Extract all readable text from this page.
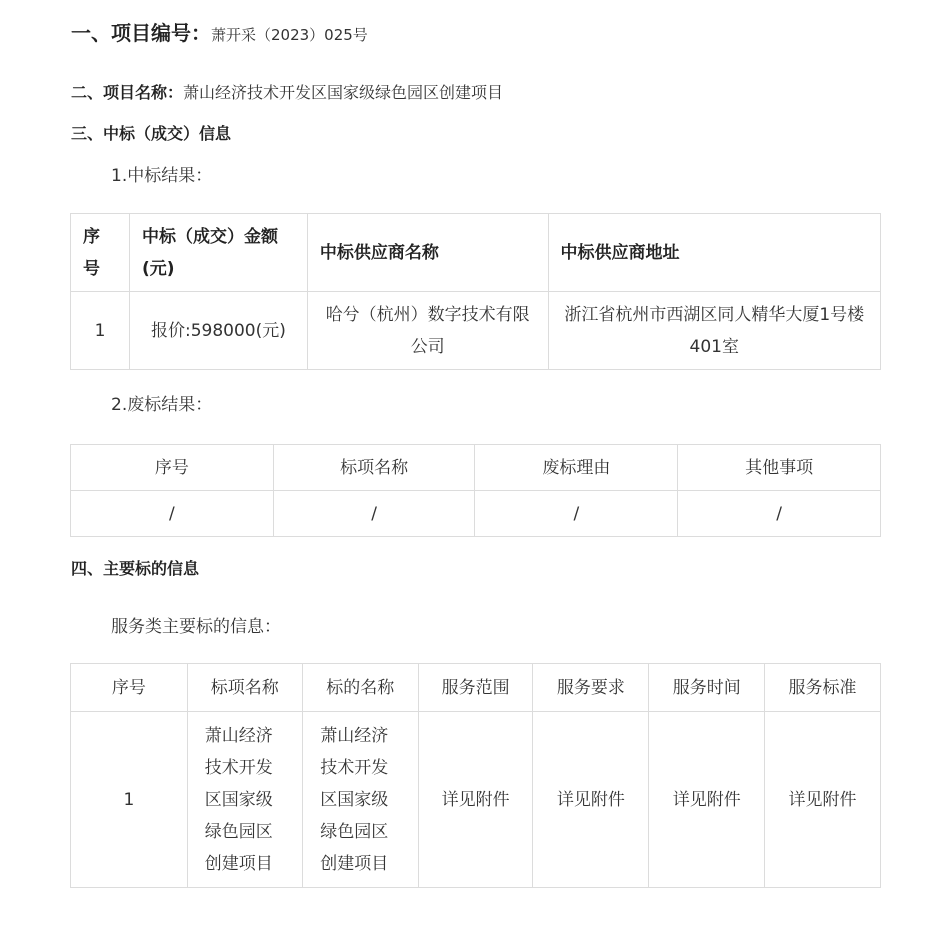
一、项目编号：萧开采（2023）025号
二、项目名称：萧山经济技术开发区国家级绿色园区创建项目
三、中标（成交）信息
1.中标结果：
序号	中标（成交）金额(元)	中标供应商名称	中标供应商地址
1	报价:598000(元)	哈兮（杭州）数字技术有限公司	浙江省杭州市西湖区同人精华大厦1号楼401室
2.废标结果：
序号	标项名称	废标理由	其他事项
/	/	/	/
四、主要标的信息
服务类主要标的信息：
序号	标项名称	标的名称	服务范围	服务要求	服务时间	服务标准
1	萧山经济技术开发区国家级绿色园区创建项目	萧山经济技术开发区国家级绿色园区创建项目	详见附件	详见附件	详见附件	详见附件
